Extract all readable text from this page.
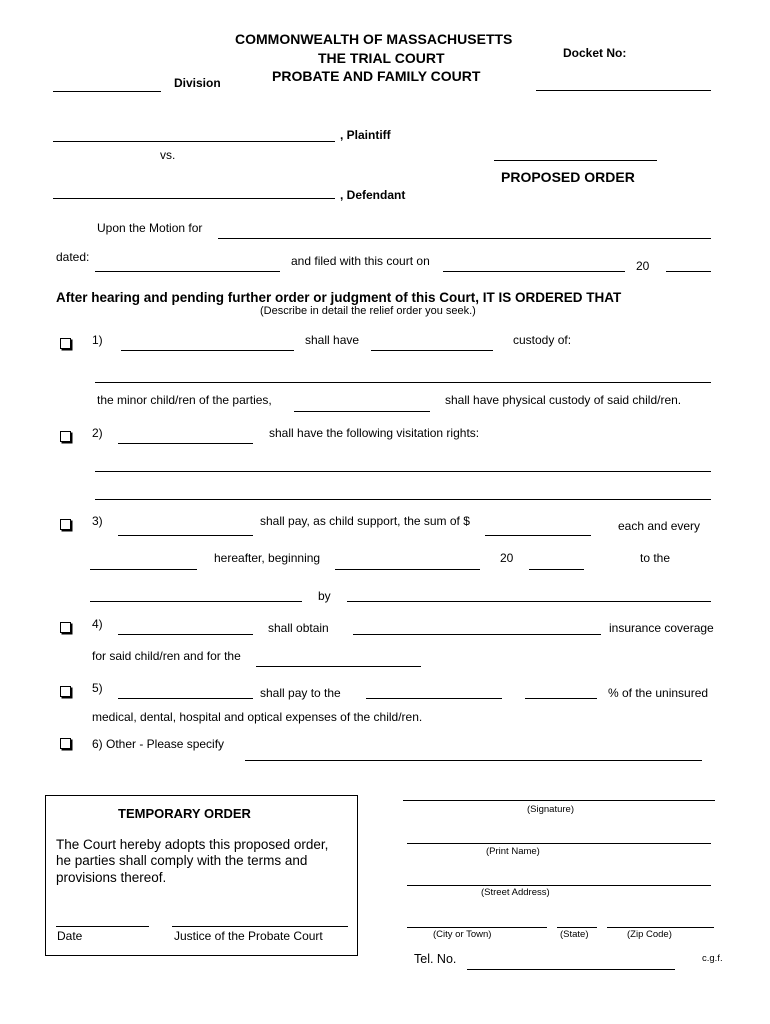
COMMONWEALTH OF MASSACHUSETTS
THE TRIAL COURT
PROBATE AND FAMILY COURT
Docket No:
Division
, Plaintiff
vs.
PROPOSED ORDER
, Defendant
Upon the Motion for
dated:	and filed with this court on	20
After hearing and pending further order or judgment of this Court, IT IS ORDERED THAT
(Describe in detail the relief order you seek.)
1)	shall have	custody of:
the minor child/ren of the parties,	shall have physical custody of said child/ren.
2)	shall have the following visitation rights:
3)	shall pay, as child support, the sum of $	each and every
hereafter, beginning	20	to the
by
4)	shall obtain	insurance coverage
for said child/ren and for the
5)	shall pay to the	% of the uninsured
medical, dental, hospital and optical expenses of the child/ren.
6) Other - Please specify
TEMPORARY ORDER
The Court hereby adopts this proposed order,
he parties shall comply with the terms and
provisions thereof.
Date	Justice of the Probate Court
(Signature)
(Print Name)
(Street Address)
(City or Town)	(State)	(Zip Code)
Tel. No.	c.g.f.
